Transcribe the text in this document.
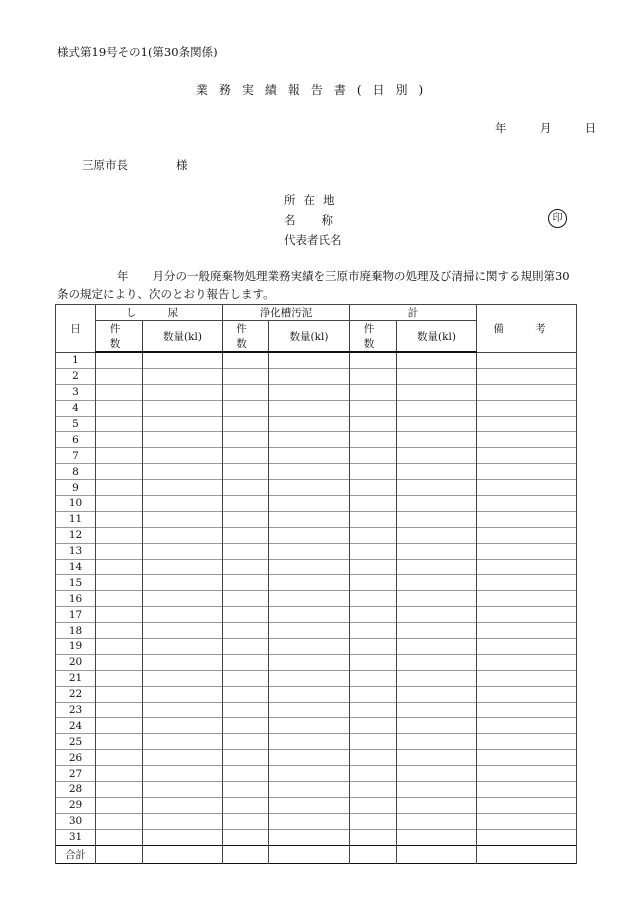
様式第19号その1(第30条関係)
業務実績報告書(日別)
年	月	日
三原市長	様
所在地
名 称	印
代表者氏名
年 月分の一般廃棄物処理業務実績を三原市廃棄物の処理及び清掃に関する規則第30条の規定により、次のとおり報告します。
日	し 尿		浄化槽汚泥		計		備 考
	件 数	数量(kl)	件 数	数量(kl)	件 数	数量(kl)	
1							
2							
3							
4							
5							
6							
7							
8							
9							
10							
11							
12							
13							
14							
15							
16							
17							
18							
19							
20							
21							
22							
23							
24							
25							
26							
27							
28							
29							
30							
31							
合計							
